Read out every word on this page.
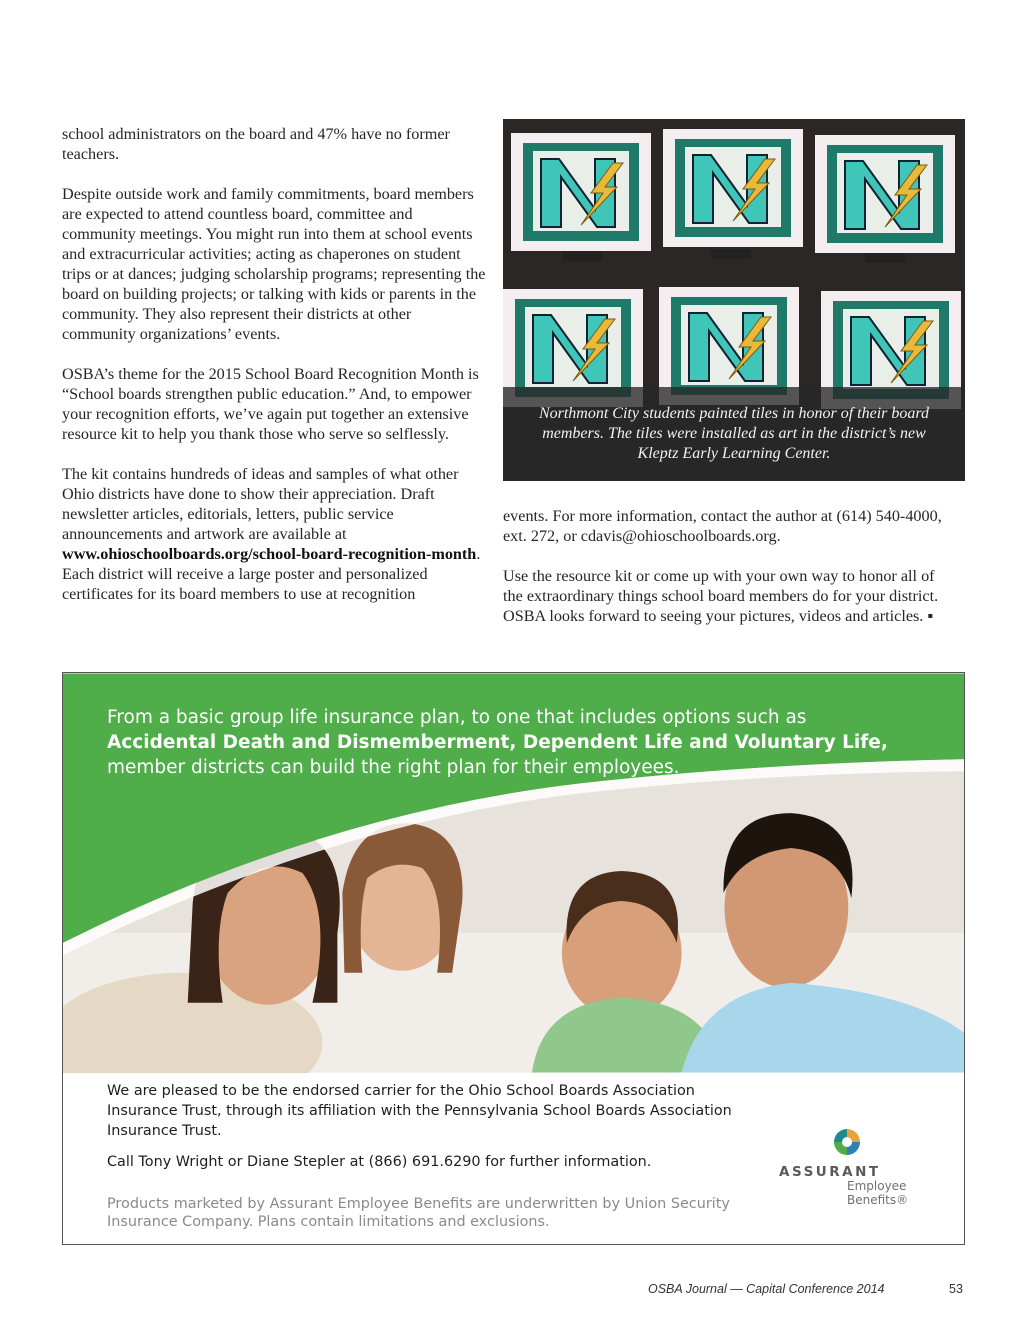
school administrators on the board and 47% have no former teachers.

Despite outside work and family commitments, board members are expected to attend countless board, committee and community meetings. You might run into them at school events and extracurricular activities; acting as chaperones on student trips or at dances; judging scholarship programs; representing the board on building projects; or talking with kids or parents in the community. They also represent their districts at other community organizations’ events.

OSBA’s theme for the 2015 School Board Recognition Month is “School boards strengthen public education.” And, to empower your recognition efforts, we’ve again put together an extensive resource kit to help you thank those who serve so selflessly.

The kit contains hundreds of ideas and samples of what other Ohio districts have done to show their appreciation. Draft newsletter articles, editorials, letters, public service announcements and artwork are available at www.ohioschoolboards.org/school-board-recognition-month. Each district will receive a large poster and personalized certificates for its board members to use at recognition

Northmont City students painted tiles in honor of their board members. The tiles were installed as art in the district’s new Kleptz Early Learning Center.

events. For more information, contact the author at (614) 540-4000, ext. 272, or cdavis@ohioschoolboards.org.

Use the resource kit or come up with your own way to honor all of the extraordinary things school board members do for your district. OSBA looks forward to seeing your pictures, videos and articles. ▪

From a basic group life insurance plan, to one that includes options such as
Accidental Death and Dismemberment, Dependent Life and Voluntary Life,
member districts can build the right plan for their employees.
We are pleased to be the endorsed carrier for the Ohio School Boards Association Insurance Trust, through its affiliation with the Pennsylvania School Boards Association Insurance Trust.
Call Tony Wright or Diane Stepler at (866) 691.6290 for further information.
Products marketed by Assurant Employee Benefits are underwritten by Union Security Insurance Company. Plans contain limitations and exclusions.
ASSURANT
Employee
Benefits®
OSBA Journal — Capital Conference 2014	53
